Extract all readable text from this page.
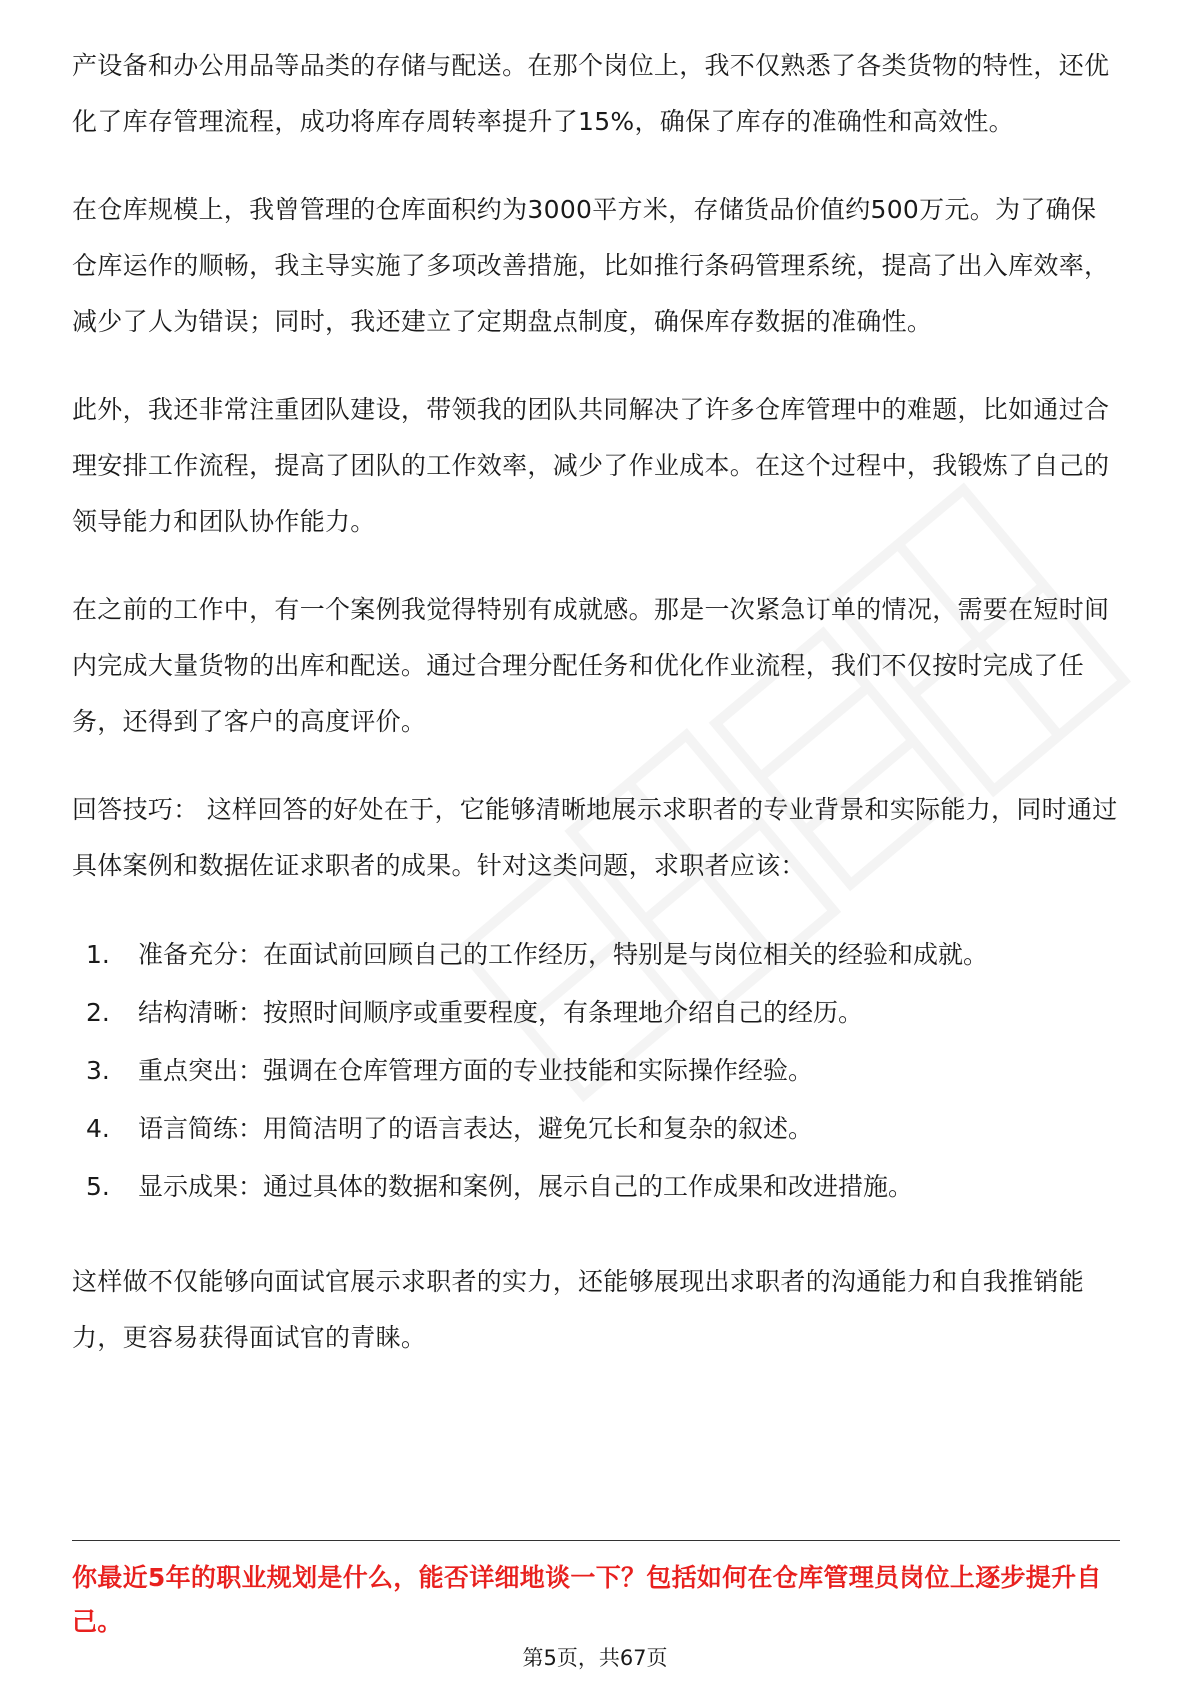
产设备和办公用品等品类的存储与配送。在那个岗位上，我不仅熟悉了各类货物的特性，还优化了库存管理流程，成功将库存周转率提升了15%，确保了库存的准确性和高效性。

在仓库规模上，我曾管理的仓库面积约为3000平方米，存储货品价值约500万元。为了确保仓库运作的顺畅，我主导实施了多项改善措施，比如推行条码管理系统，提高了出入库效率，减少了人为错误；同时，我还建立了定期盘点制度，确保库存数据的准确性。

此外，我还非常注重团队建设，带领我的团队共同解决了许多仓库管理中的难题，比如通过合理安排工作流程，提高了团队的工作效率，减少了作业成本。在这个过程中，我锻炼了自己的领导能力和团队协作能力。

在之前的工作中，有一个案例我觉得特别有成就感。那是一次紧急订单的情况，需要在短时间内完成大量货物的出库和配送。通过合理分配任务和优化作业流程，我们不仅按时完成了任务，还得到了客户的高度评价。

回答技巧： 这样回答的好处在于，它能够清晰地展示求职者的专业背景和实际能力，同时通过具体案例和数据佐证求职者的成果。针对这类问题，求职者应该：

1.	准备充分：在面试前回顾自己的工作经历，特别是与岗位相关的经验和成就。
2.	结构清晰：按照时间顺序或重要程度，有条理地介绍自己的经历。
3.	重点突出：强调在仓库管理方面的专业技能和实际操作经验。
4.	语言简练：用简洁明了的语言表达，避免冗长和复杂的叙述。
5.	显示成果：通过具体的数据和案例，展示自己的工作成果和改进措施。

这样做不仅能够向面试官展示求职者的实力，还能够展现出求职者的沟通能力和自我推销能力，更容易获得面试官的青睐。

你最近5年的职业规划是什么，能否详细地谈一下？包括如何在仓库管理员岗位上逐步提升自己。
第5页，共67页
